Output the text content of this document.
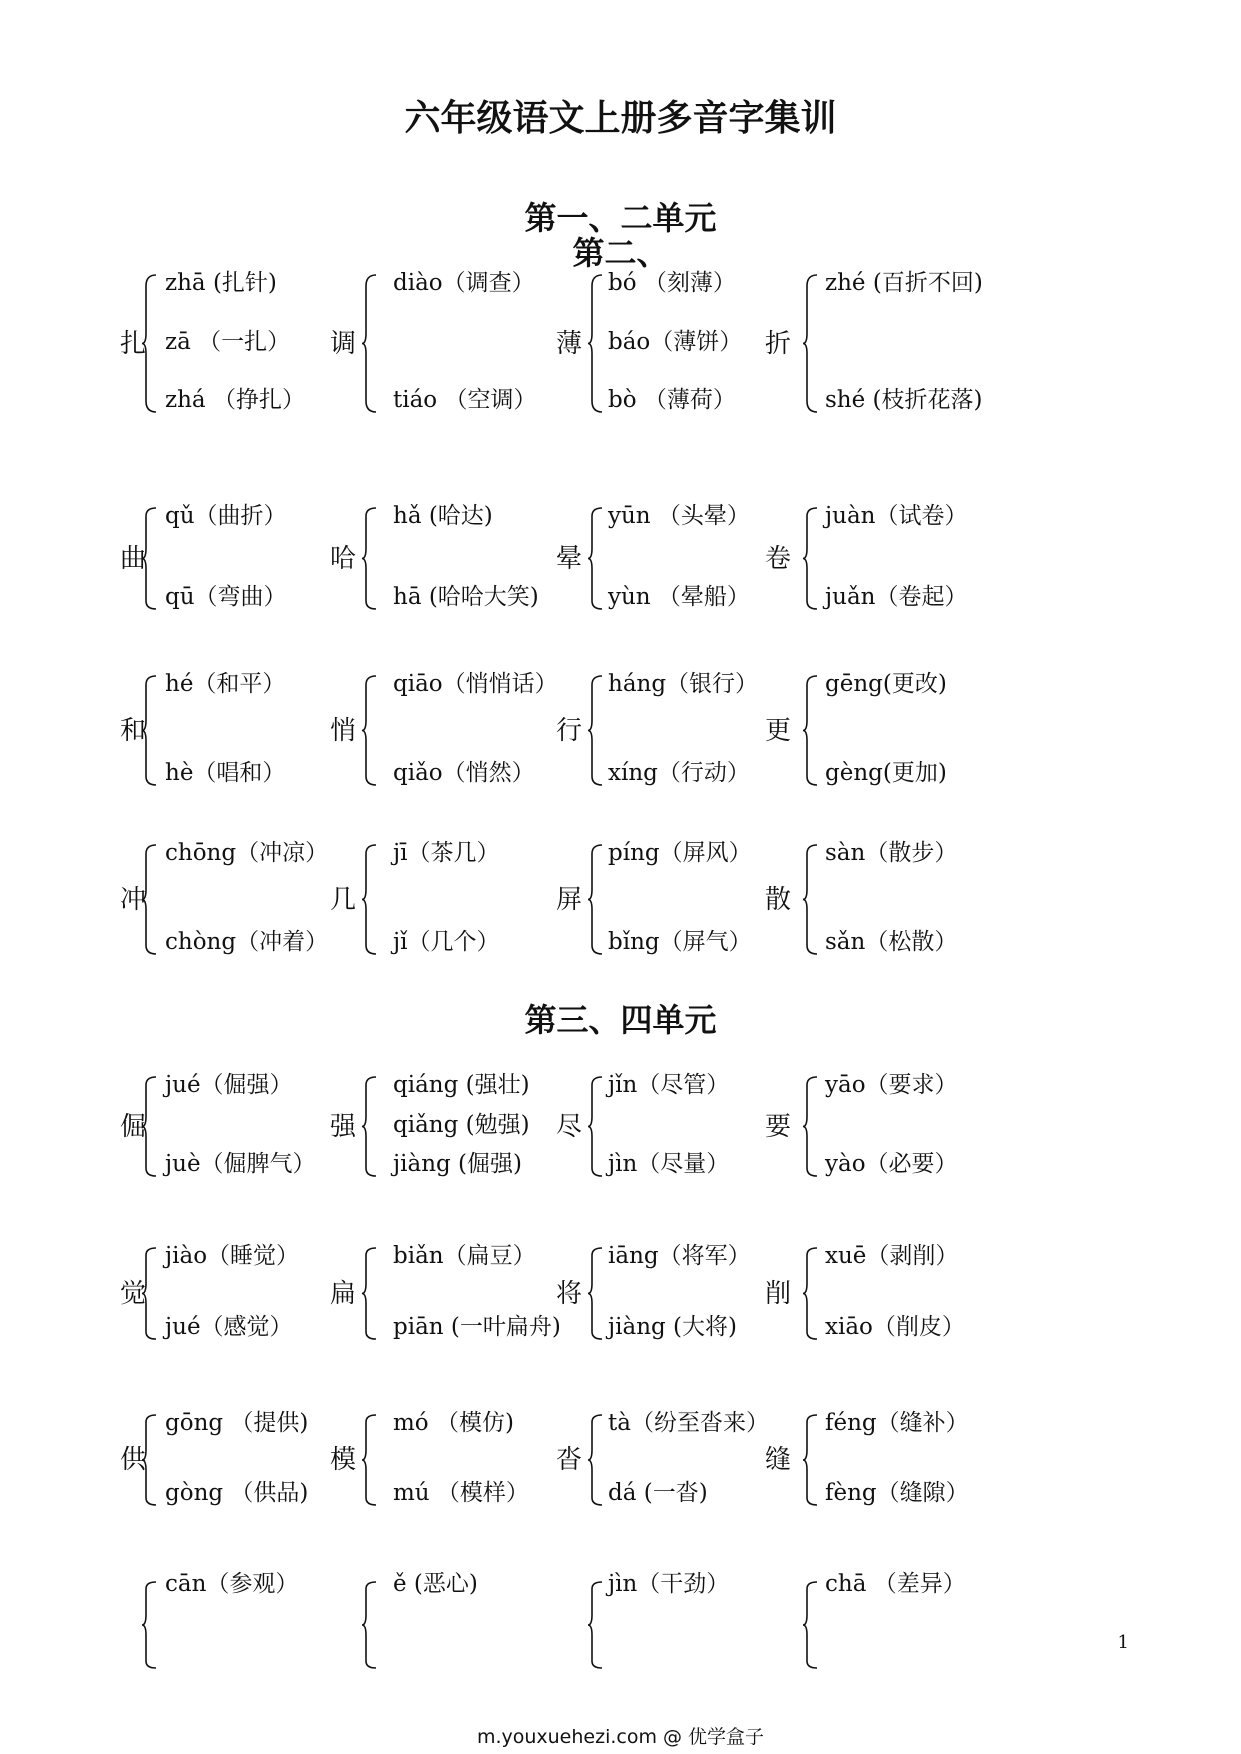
六年级语文上册多音字集训
第一、二单元
第二、
第三、四单元
扎
zhā (扎针)
zā （一扎）
zhá （挣扎）
调
diào（调查）
tiáo （空调）
薄
bó （刻薄）
báo（薄饼）
bò （薄荷）
折
zhé (百折不回)
shé (枝折花落)
曲
qǔ（曲折）
qū（弯曲）
哈
hǎ (哈达)
hā (哈哈大笑)
晕
yūn （头晕）
yùn （晕船）
卷
juàn（试卷）
juǎn（卷起）
和
hé（和平）
hè（唱和）
悄
qiāo（悄悄话）
qiǎo（悄然）
行
háng（银行）
xíng（行动）
更
gēng(更改)
gèng(更加)
冲
chōng（冲凉）
chòng（冲着）
几
jī（茶几）
jǐ（几个）
屏
píng（屏风）
bǐng（屏气）
散
sàn（散步）
sǎn（松散）
倔
jué（倔强）
juè（倔脾气）
强
qiáng (强壮)
qiǎng (勉强)
jiàng (倔强)
尽
jǐn（尽管）
jìn（尽量）
要
yāo（要求）
yào（必要）
觉
jiào（睡觉）
jué（感觉）
扁
biǎn（扁豆）
piān (一叶扁舟)
将
iāng（将军）
jiàng (大将)
削
xuē（剥削）
xiāo（削皮）
供
gōng （提供)
gòng （供品)
模
mó （模仿)
mú （模样）
沓
tà（纷至沓来）
dá (一沓)
缝
féng（缝补）
fèng（缝隙）
cān（参观）	ě (恶心)	jìn（干劲）	chā （差异）
1
m.youxuehezi.com @ 优学盒子
